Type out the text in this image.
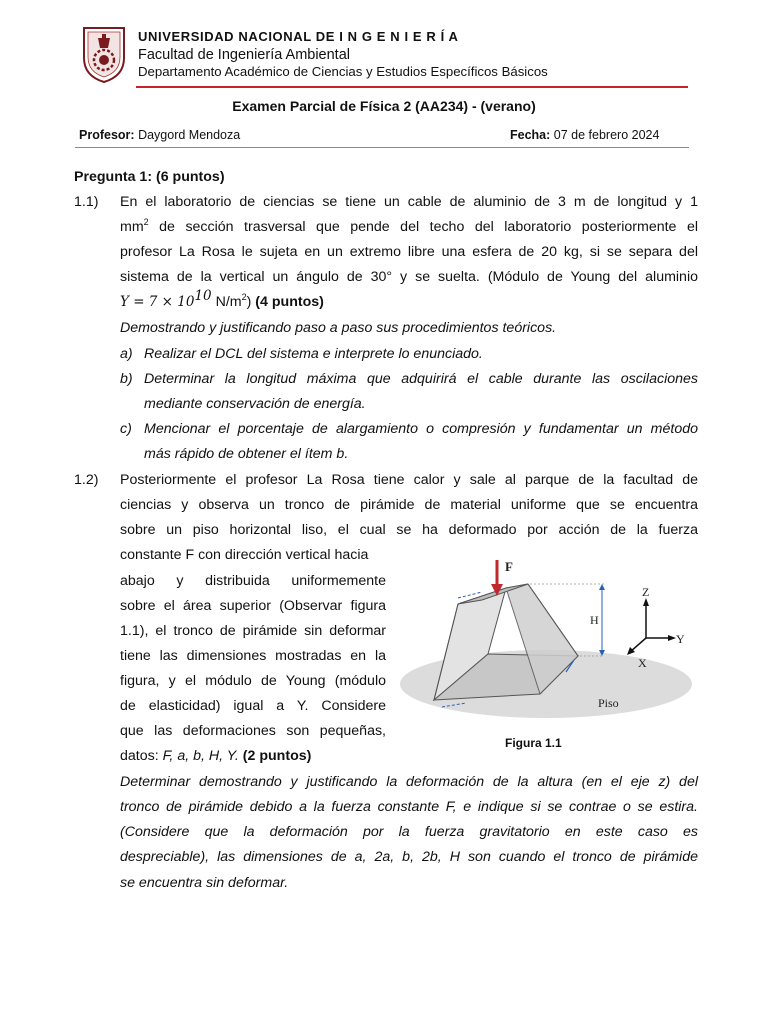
UNIVERSIDAD NACIONAL DE I N G E N I E R Í A
Facultad de Ingeniería Ambiental
Departamento Académico de Ciencias y Estudios Específicos Básicos
Examen Parcial de Física 2 (AA234) - (verano)
Profesor: Daygord Mendoza	Fecha: 07 de febrero 2024
Pregunta 1: (6 puntos)
1.1) En el laboratorio de ciencias se tiene un cable de aluminio de 3 m de longitud y 1
$mm^2$ de sección trasversal que pende del techo del laboratorio posteriormente el
profesor La Rosa le sujeta en un extremo libre una esfera de 20 kg, si se separa del
sistema de la vertical un ángulo de 30° y se suelta. (Módulo de Young del aluminio
$Y = 7 \times 10^{10}$ $N/m^2$) (4 puntos)
Demostrando y justificando paso a paso sus procedimientos teóricos.
a) Realizar el DCL del sistema e interprete lo enunciado.
b) Determinar la longitud máxima que adquirirá el cable durante las oscilaciones
mediante conservación de energía.
c) Mencionar el porcentaje de alargamiento o compresión y fundamentar un método
más rápido de obtener el ítem b.
1.2) Posteriormente el profesor La Rosa tiene calor y sale al parque de la facultad de
ciencias y observa un tronco de pirámide de material uniforme que se encuentra
sobre un piso horizontal liso, el cual se ha deformado por acción de la fuerza
constante F con dirección vertical hacia
abajo y distribuida uniformemente
sobre el área superior (Observar figura
1.1), el tronco de pirámide sin deformar
tiene las dimensiones mostradas en la
figura, y el módulo de Young (módulo
de elasticidad) igual a Y. Considere
que las deformaciones son pequeñas,
datos: F, a, b, H, Y. (2 puntos)
Determinar demostrando y justificando la deformación de la altura (en el eje z) del
tronco de pirámide debido a la fuerza constante F, e indique si se contrae o se estira.
(Considere que la deformación por la fuerza gravitatorio en este caso es
despreciable), las dimensiones de a, 2a, b, 2b, H son cuando el tronco de pirámide
se encuentra sin deformar.
H
F
Z
Y
X
Piso
Figura 1.1
